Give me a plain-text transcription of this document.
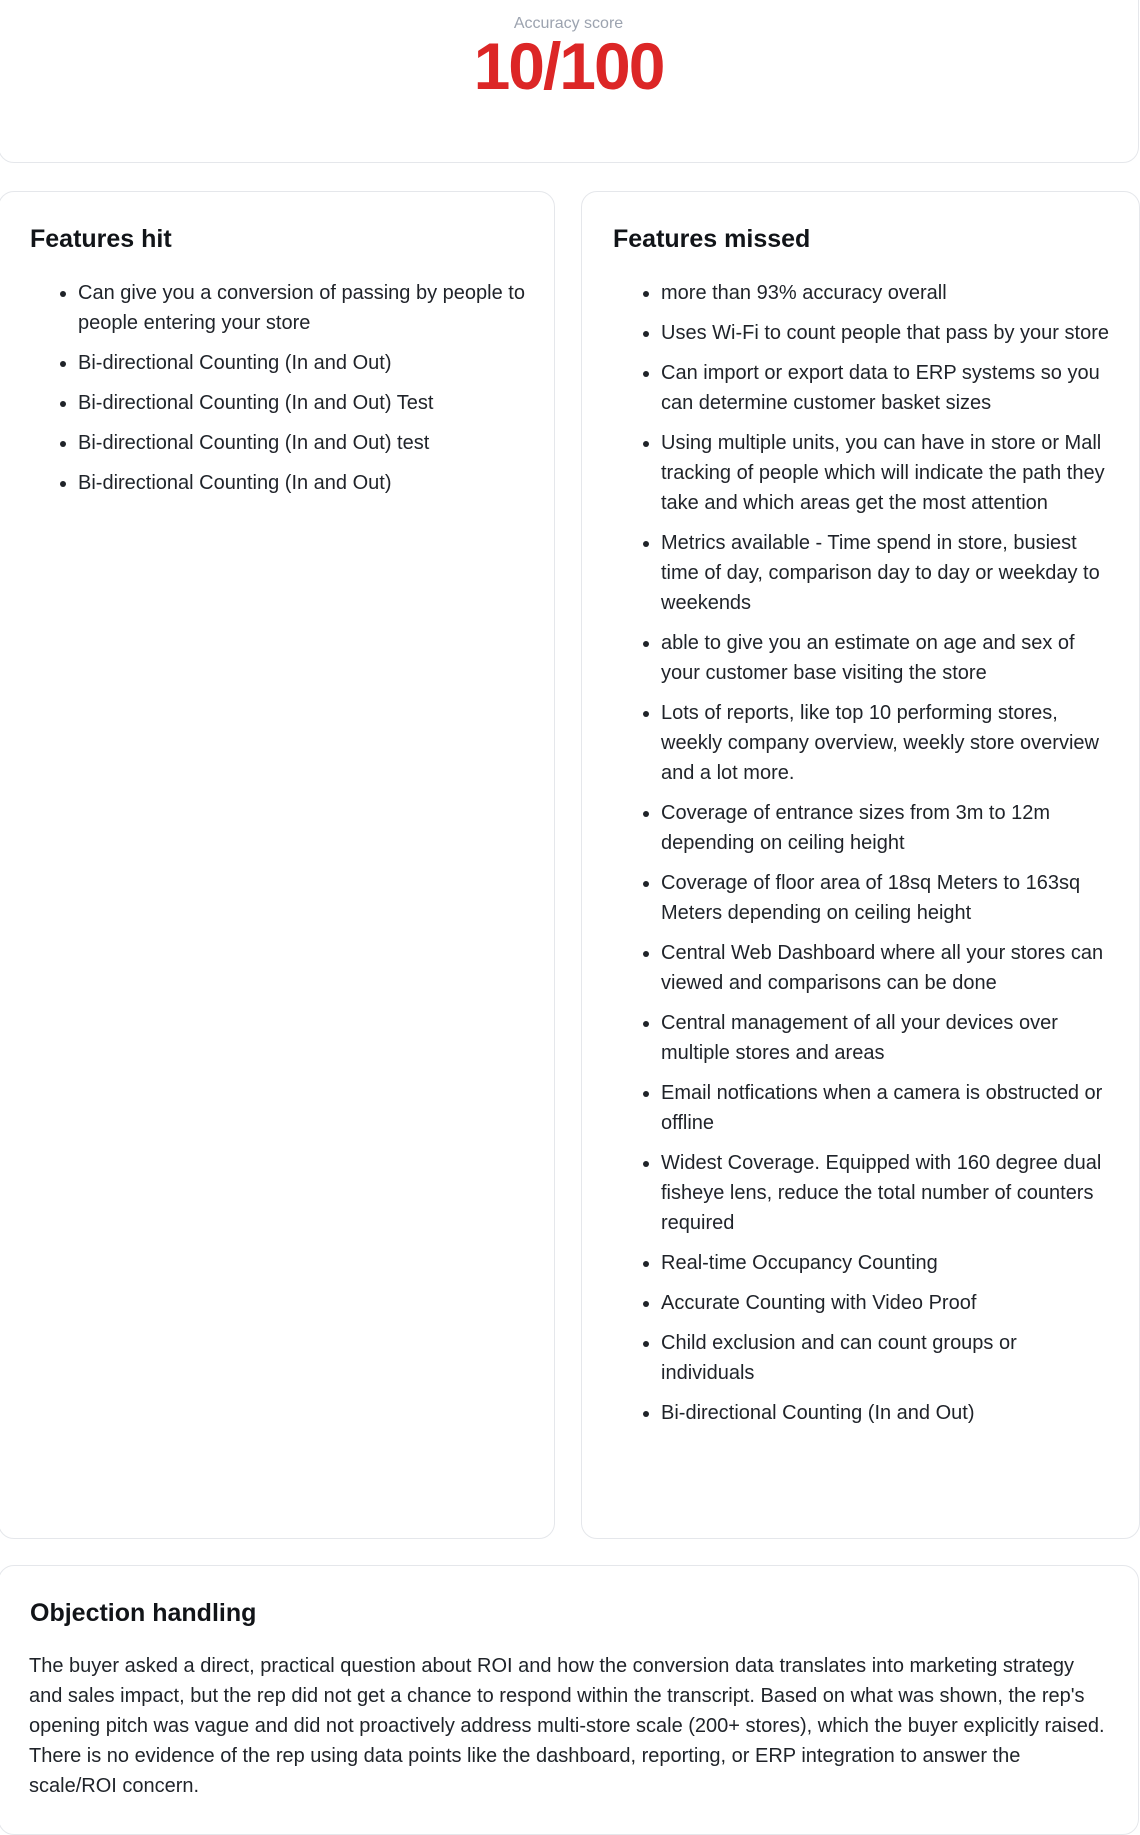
Accuracy score
10/100
Features hit
• Can give you a conversion of passing by people to people entering your store
• Bi-directional Counting (In and Out)
• Bi-directional Counting (In and Out) Test
• Bi-directional Counting (In and Out) test
• Bi-directional Counting (In and Out)
Features missed
• more than 93% accuracy overall
• Uses Wi-Fi to count people that pass by your store
• Can import or export data to ERP systems so you can determine customer basket sizes
• Using multiple units, you can have in store or Mall tracking of people which will indicate the path they take and which areas get the most attention
• Metrics available - Time spend in store, busiest time of day, comparison day to day or weekday to weekends
• able to give you an estimate on age and sex of your customer base visiting the store
• Lots of reports, like top 10 performing stores, weekly company overview, weekly store overview and a lot more.
• Coverage of entrance sizes from 3m to 12m depending on ceiling height
• Coverage of floor area of 18sq Meters to 163sq Meters depending on ceiling height
• Central Web Dashboard where all your stores can viewed and comparisons can be done
• Central management of all your devices over multiple stores and areas
• Email notfications when a camera is obstructed or offline
• Widest Coverage. Equipped with 160 degree dual fisheye lens, reduce the total number of counters required
• Real-time Occupancy Counting
• Accurate Counting with Video Proof
• Child exclusion and can count groups or individuals
• Bi-directional Counting (In and Out)
Objection handling

The buyer asked a direct, practical question about ROI and how the conversion data translates into marketing strategy and sales impact, but the rep did not get a chance to respond within the transcript. Based on what was shown, the rep's opening pitch was vague and did not proactively address multi-store scale (200+ stores), which the buyer explicitly raised. There is no evidence of the rep using data points like the dashboard, reporting, or ERP integration to answer the scale/ROI concern.
